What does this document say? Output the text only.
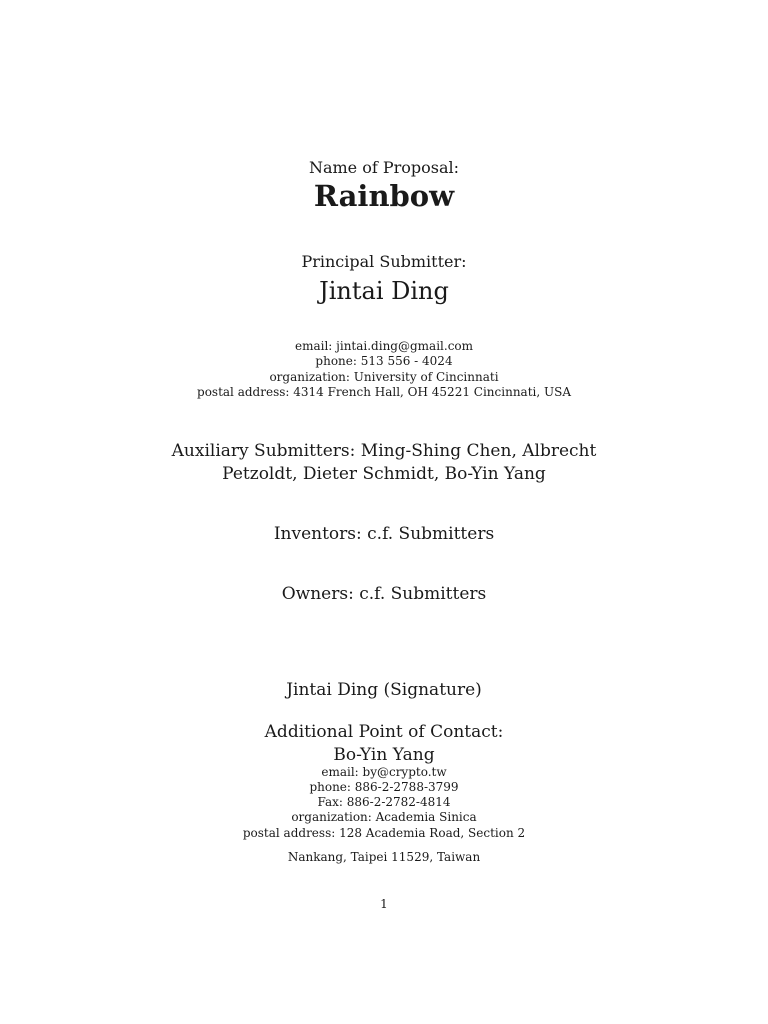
Name of Proposal:
Rainbow
Principal Submitter:
Jintai Ding
email: jintai.ding@gmail.com
phone: 513 556 - 4024
organization: University of Cincinnati
postal address: 4314 French Hall, OH 45221 Cincinnati, USA
Auxiliary Submitters: Ming-Shing Chen, Albrecht
Petzoldt, Dieter Schmidt, Bo-Yin Yang
Inventors: c.f. Submitters
Owners: c.f. Submitters
Jintai Ding (Signature)
Additional Point of Contact:
Bo-Yin Yang
email: by@crypto.tw
phone: 886-2-2788-3799
Fax: 886-2-2782-4814
organization: Academia Sinica
postal address: 128 Academia Road, Section 2
Nankang, Taipei 11529, Taiwan
1
